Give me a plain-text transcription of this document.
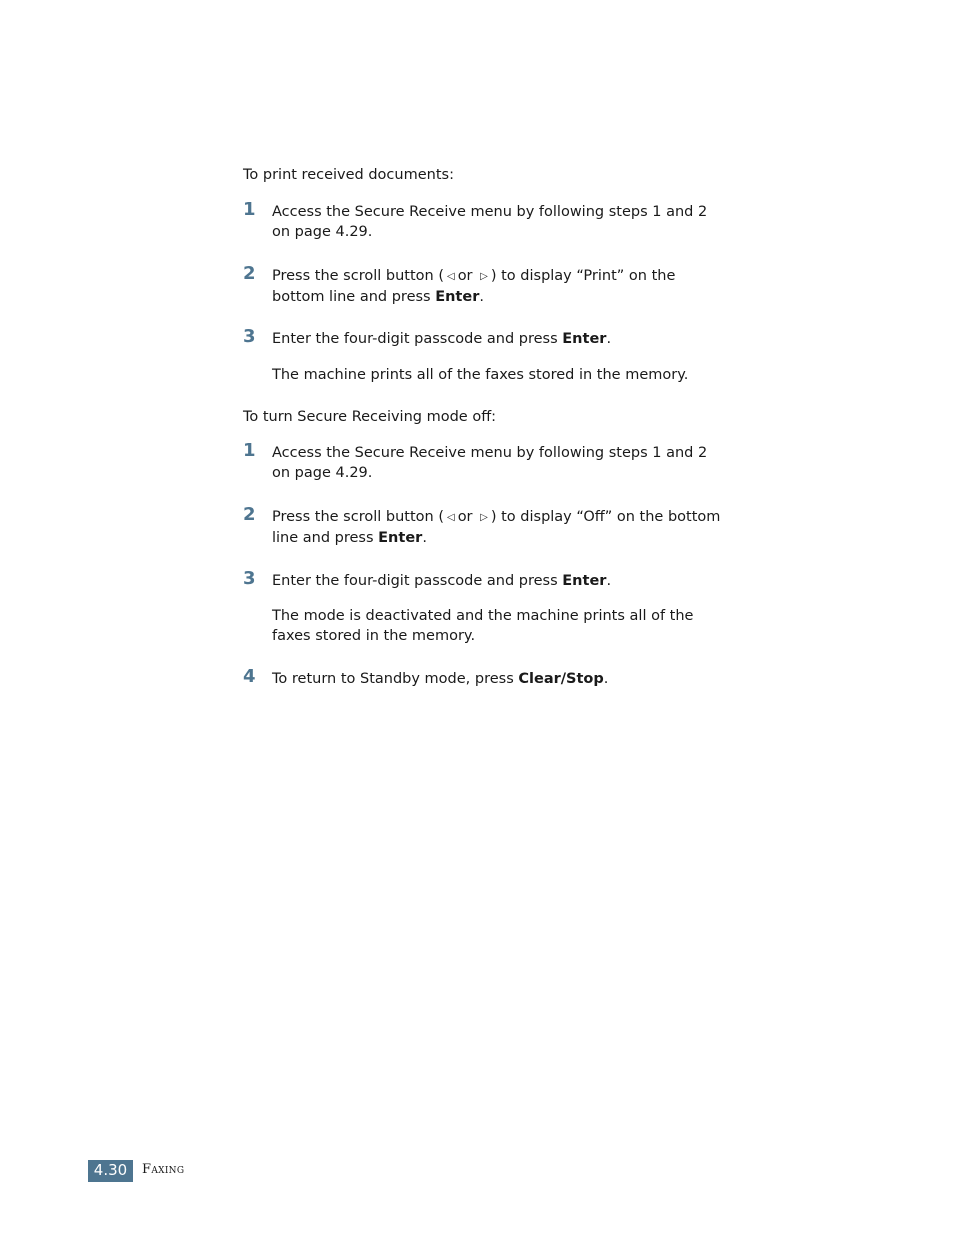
To print received documents:

1 Access the Secure Receive menu by following steps 1 and 2 on page 4.29.

2 Press the scroll button ( ◁ or ▷ ) to display “Print” on the bottom line and press Enter.

3 Enter the four-digit passcode and press Enter.

The machine prints all of the faxes stored in the memory.

To turn Secure Receiving mode off:

1 Access the Secure Receive menu by following steps 1 and 2 on page 4.29.

2 Press the scroll button ( ◁ or ▷ ) to display “Off” on the bottom line and press Enter.

3 Enter the four-digit passcode and press Enter.

The mode is deactivated and the machine prints all of the faxes stored in the memory.

4 To return to Standby mode, press Clear/Stop.

4.30	Faxing
